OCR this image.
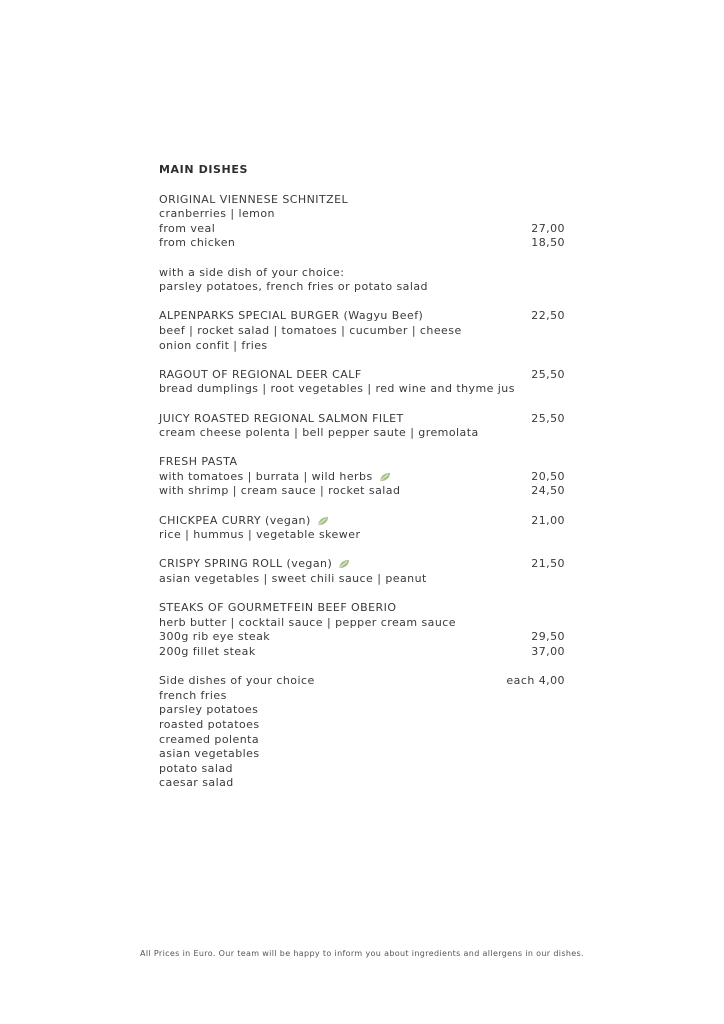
MAIN DISHES
ORIGINAL VIENNESE SCHNITZEL
cranberries | lemon
from veal	27,00
from chicken	18,50
with a side dish of your choice:
parsley potatoes, french fries or potato salad
ALPENPARKS SPECIAL BURGER (Wagyu Beef)	22,50
beef | rocket salad | tomatoes | cucumber | cheese
onion confit | fries
RAGOUT OF REGIONAL DEER CALF	25,50
bread dumplings | root vegetables | red wine and thyme jus
JUICY ROASTED REGIONAL SALMON FILET	25,50
cream cheese polenta | bell pepper saute | gremolata
FRESH PASTA
with tomatoes | burrata | wild herbs	20,50
with shrimp | cream sauce | rocket salad	24,50
CHICKPEA CURRY (vegan)	21,00
rice | hummus | vegetable skewer
CRISPY SPRING ROLL (vegan)	21,50
asian vegetables | sweet chili sauce | peanut
STEAKS OF GOURMETFEIN BEEF OBERIO
herb butter | cocktail sauce | pepper cream sauce
300g rib eye steak	29,50
200g fillet steak	37,00
Side dishes of your choice	each 4,00
french fries
parsley potatoes
roasted potatoes
creamed polenta
asian vegetables
potato salad
caesar salad
All Prices in Euro. Our team will be happy to inform you about ingredients and allergens in our dishes.
